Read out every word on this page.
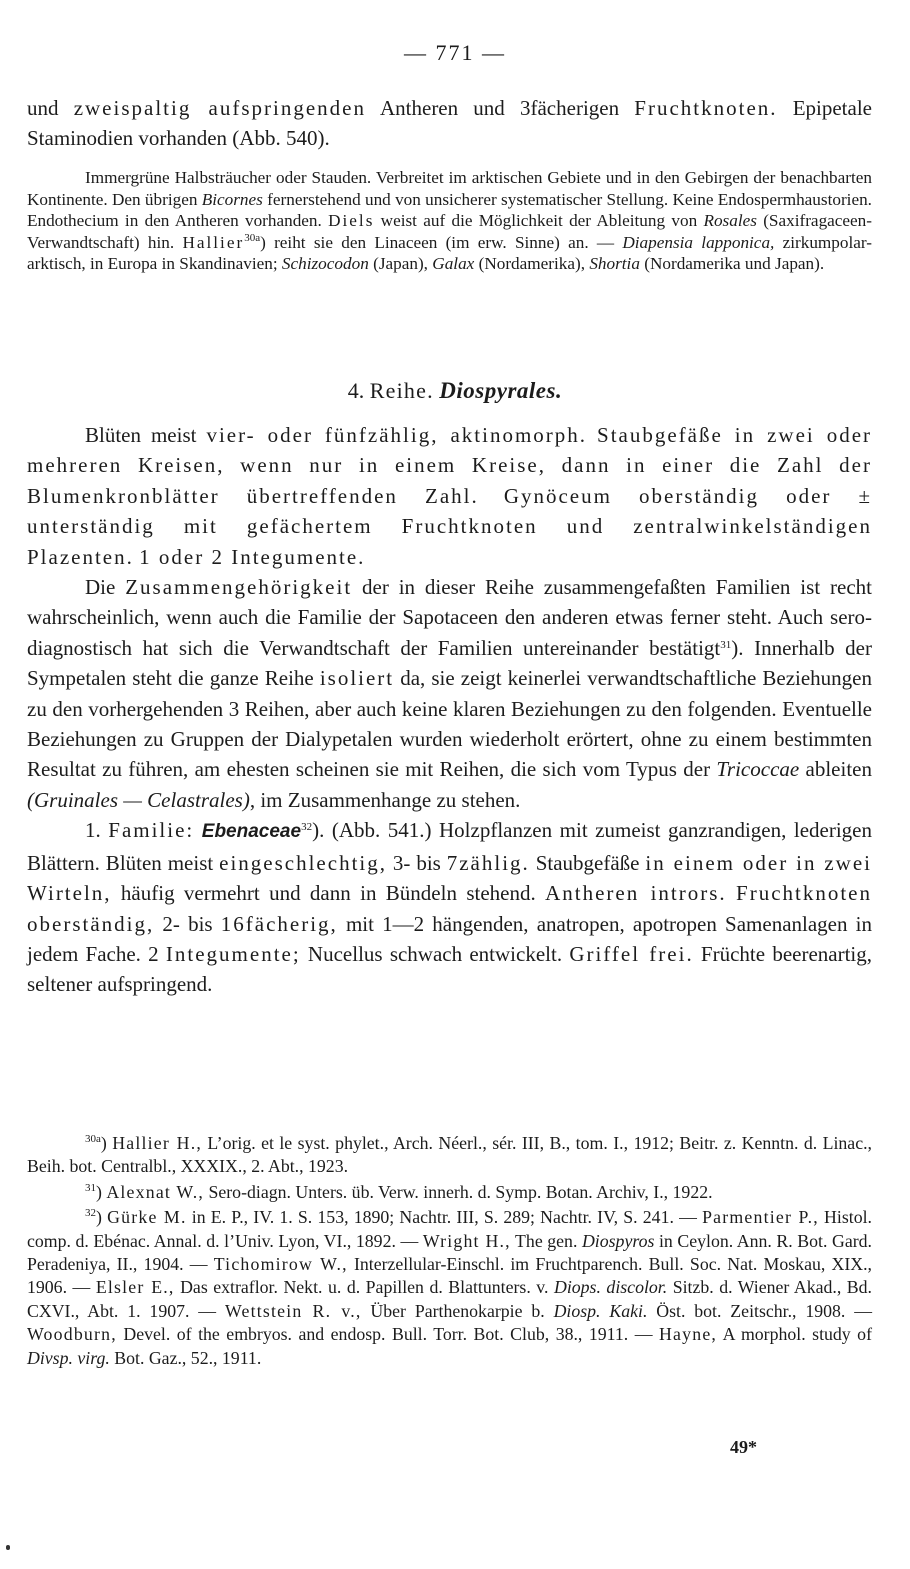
— 771 —

und zweispaltig aufspringenden Antheren und 3fächerigen Fruchtknoten. Epipetale Staminodien vorhanden (Abb. 540).

Immergrüne Halbsträucher oder Stauden. Verbreitet im arktischen Gebiete und in den Gebirgen der benachbarten Kontinente. Den übrigen Bicornes fernerstehend und von unsicherer systematischer Stellung. Keine Endospermhaustorien. Endothecium in den Antheren vorhanden. Diels weist auf die Möglichkeit der Ableitung von Rosales (Saxifragaceen-Verwandtschaft) hin. Hallier$^{30a}$) reiht sie den Linaceen (im erw. Sinne) an. — Diapensia lapponica, zirkumpolar-arktisch, in Europa in Skandinavien; Schizocodon (Japan), Galax (Nordamerika), Shortia (Nordamerika und Japan).

4. Reihe. Diospyrales.

Blüten meist vier- oder fünfzählig, aktinomorph. Staubgefäße in zwei oder mehreren Kreisen, wenn nur in einem Kreise, dann in einer die Zahl der Blumenkronblätter übertreffenden Zahl. Gynöceum oberständig oder ± unterständig mit gefächertem Fruchtknoten und zentralwinkelständigen Plazenten. 1 oder 2 Integumente.

Die Zusammengehörigkeit der in dieser Reihe zusammengefaßten Familien ist recht wahrscheinlich, wenn auch die Familie der Sapotaceen den anderen etwas ferner steht. Auch sero-diagnostisch hat sich die Verwandtschaft der Familien untereinander bestätigt$^{31}$). Innerhalb der Sympetalen steht die ganze Reihe isoliert da, sie zeigt keinerlei verwandtschaftliche Beziehungen zu den vorhergehenden 3 Reihen, aber auch keine klaren Beziehungen zu den folgenden. Eventuelle Beziehungen zu Gruppen der Dialypetalen wurden wiederholt erörtert, ohne zu einem bestimmten Resultat zu führen, am ehesten scheinen sie mit Reihen, die sich vom Typus der Tricoccae ableiten (Gruinales — Celastrales), im Zusammenhange zu stehen.

1. Familie: Ebenaceae$^{32}$). (Abb. 541.) Holzpflanzen mit zumeist ganzrandigen, lederigen Blättern. Blüten meist eingeschlechtig, 3- bis 7zählig. Staubgefäße in einem oder in zwei Wirteln, häufig vermehrt und dann in Bündeln stehend. Antheren intrors. Fruchtknoten oberständig, 2- bis 16fächerig, mit 1—2 hängenden, anatropen, apotropen Samenanlagen in jedem Fache. 2 Integumente; Nucellus schwach entwickelt. Griffel frei. Früchte beerenartig, seltener aufspringend.

$^{30a}$) Hallier H., L’orig. et le syst. phylet., Arch. Néerl., sér. III, B., tom. I., 1912; Beitr. z. Kenntn. d. Linac., Beih. bot. Centralbl., XXXIX., 2. Abt., 1923.

$^{31}$) Alexnat W., Sero-diagn. Unters. üb. Verw. innerh. d. Symp. Botan. Archiv, I., 1922.

$^{32}$) Gürke M. in E. P., IV. 1. S. 153, 1890; Nachtr. III, S. 289; Nachtr. IV, S. 241. — Parmentier P., Histol. comp. d. Ebénac. Annal. d. l’Univ. Lyon, VI., 1892. — Wright H., The gen. Diospyros in Ceylon. Ann. R. Bot. Gard. Peradeniya, II., 1904. — Tichomirow W., Interzellular-Einschl. im Fruchtparench. Bull. Soc. Nat. Moskau, XIX., 1906. — Elsler E., Das extraflor. Nekt. u. d. Papillen d. Blattunters. v. Diops. discolor. Sitzb. d. Wiener Akad., Bd. CXVI., Abt. 1. 1907. — Wettstein R. v., Über Parthenokarpie b. Diosp. Kaki. Öst. bot. Zeitschr., 1908. — Woodburn, Devel. of the embryos. and endosp. Bull. Torr. Bot. Club, 38., 1911. — Hayne, A morphol. study of Divsp. virg. Bot. Gaz., 52., 1911.

49*
